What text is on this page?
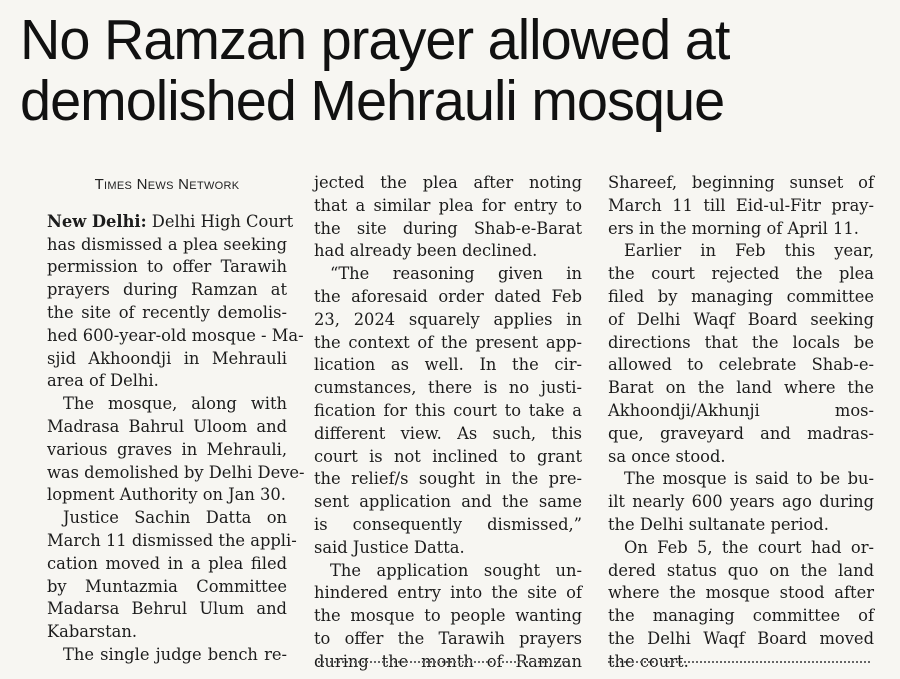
No Ramzan prayer allowed at
demolished Mehrauli mosque
Times News Network
New Delhi: Delhi High Court
has dismissed a plea seeking
permission to offer Tarawih
prayers during Ramzan at
the site of recently demolis-
hed 600-year-old mosque - Ma-
sjid Akhoondji in Mehrauli
area of Delhi.
The mosque, along with
Madrasa Bahrul Uloom and
various graves in Mehrauli,
was demolished by Delhi Deve-
lopment Authority on Jan 30.
Justice Sachin Datta on
March 11 dismissed the appli-
cation moved in a plea filed
by Muntazmia Committee
Madarsa Behrul Ulum and
Kabarstan.
The single judge bench re-
jected the plea after noting
that a similar plea for entry to
the site during Shab-e-Barat
had already been declined.
“The reasoning given in
the aforesaid order dated Feb
23, 2024 squarely applies in
the context of the present app-
lication as well. In the cir-
cumstances, there is no justi-
fication for this court to take a
different view. As such, this
court is not inclined to grant
the relief/s sought in the pre-
sent application and the same
is consequently dismissed,”
said Justice Datta.
The application sought un-
hindered entry into the site of
the mosque to people wanting
to offer the Tarawih prayers
during the month of Ramzan
Shareef, beginning sunset of
March 11 till Eid-ul-Fitr pray-
ers in the morning of April 11.
Earlier in Feb this year,
the court rejected the plea
filed by managing committee
of Delhi Waqf Board seeking
directions that the locals be
allowed to celebrate Shab-e-
Barat on the land where the
Akhoondji/Akhunji mos-
que, graveyard and madras-
sa once stood.
The mosque is said to be bu-
ilt nearly 600 years ago during
the Delhi sultanate period.
On Feb 5, the court had or-
dered status quo on the land
where the mosque stood after
the managing committee of
the Delhi Waqf Board moved
the court.
